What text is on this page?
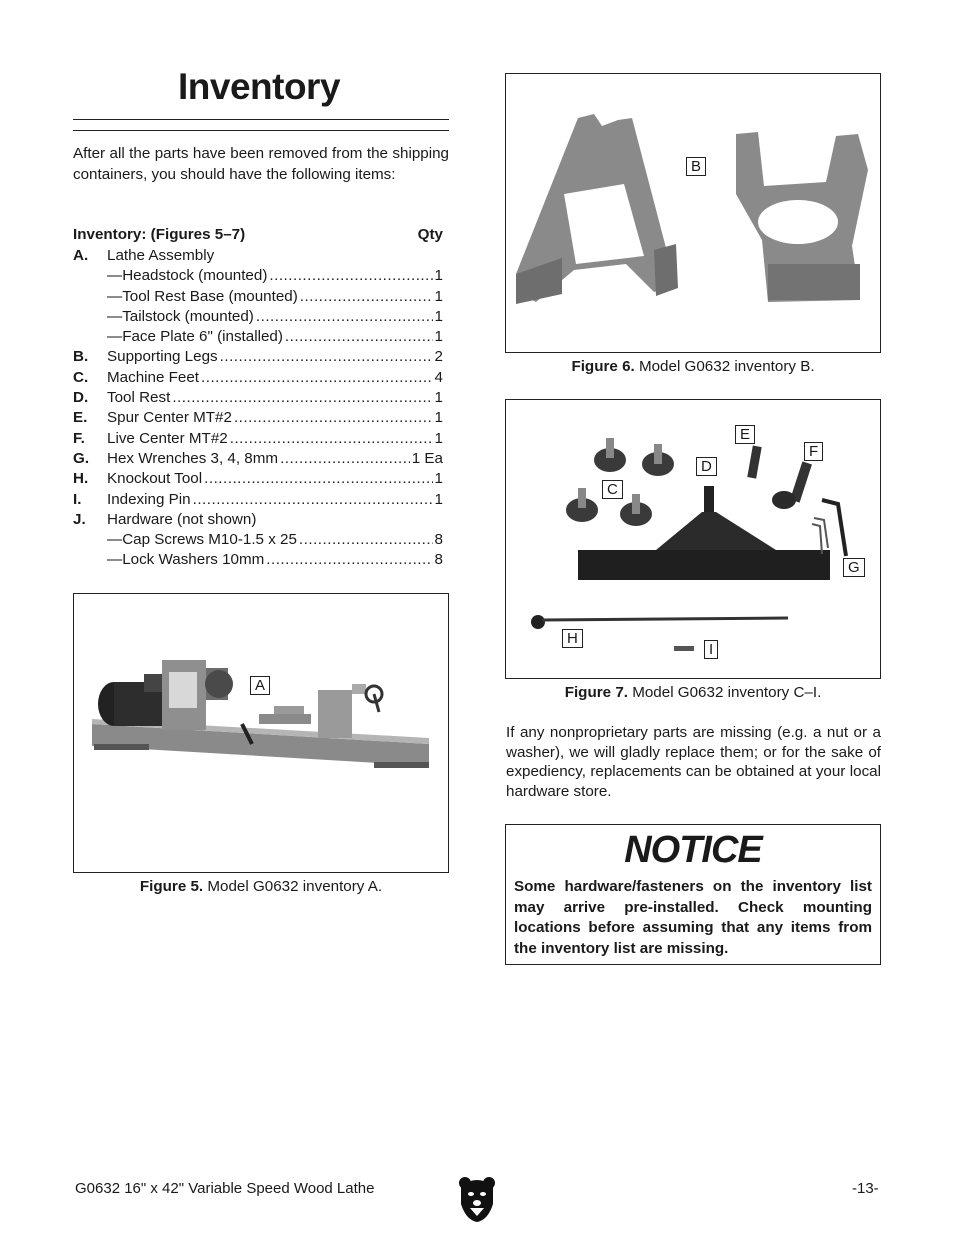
Inventory
After all the parts have been removed from the shipping containers, you should have the following items:
Inventory: (Figures 5–7)	Qty
A. Lathe Assembly
—Headstock (mounted) .....	1
—Tool Rest Base (mounted) .....	1
—Tailstock (mounted) .....	1
—Face Plate 6" (installed) .....	1
B. Supporting Legs .....	2
C. Machine Feet .....	4
D. Tool Rest .....	1
E. Spur Center MT#2 .....	1
F. Live Center MT#2 .....	1
G. Hex Wrenches 3, 4, 8mm .....	1 Ea
H. Knockout Tool .....	1
I. Indexing Pin .....	1
J. Hardware (not shown)
—Cap Screws M10-1.5 x 25 .....	8
—Lock Washers 10mm .....	8
A
Figure 5. Model G0632 inventory A.
B
Figure 6. Model G0632 inventory B.
C
D
E
F
G
H
I
Figure 7. Model G0632 inventory C–I.
If any nonproprietary parts are missing (e.g. a nut or a washer), we will gladly replace them; or for the sake of expediency, replacements can be obtained at your local hardware store.
NOTICE
Some hardware/fasteners on the inventory list may arrive pre-installed. Check mounting locations before assuming that any items from the inventory list are missing.
G0632 16" x 42" Variable Speed Wood Lathe	-13-
